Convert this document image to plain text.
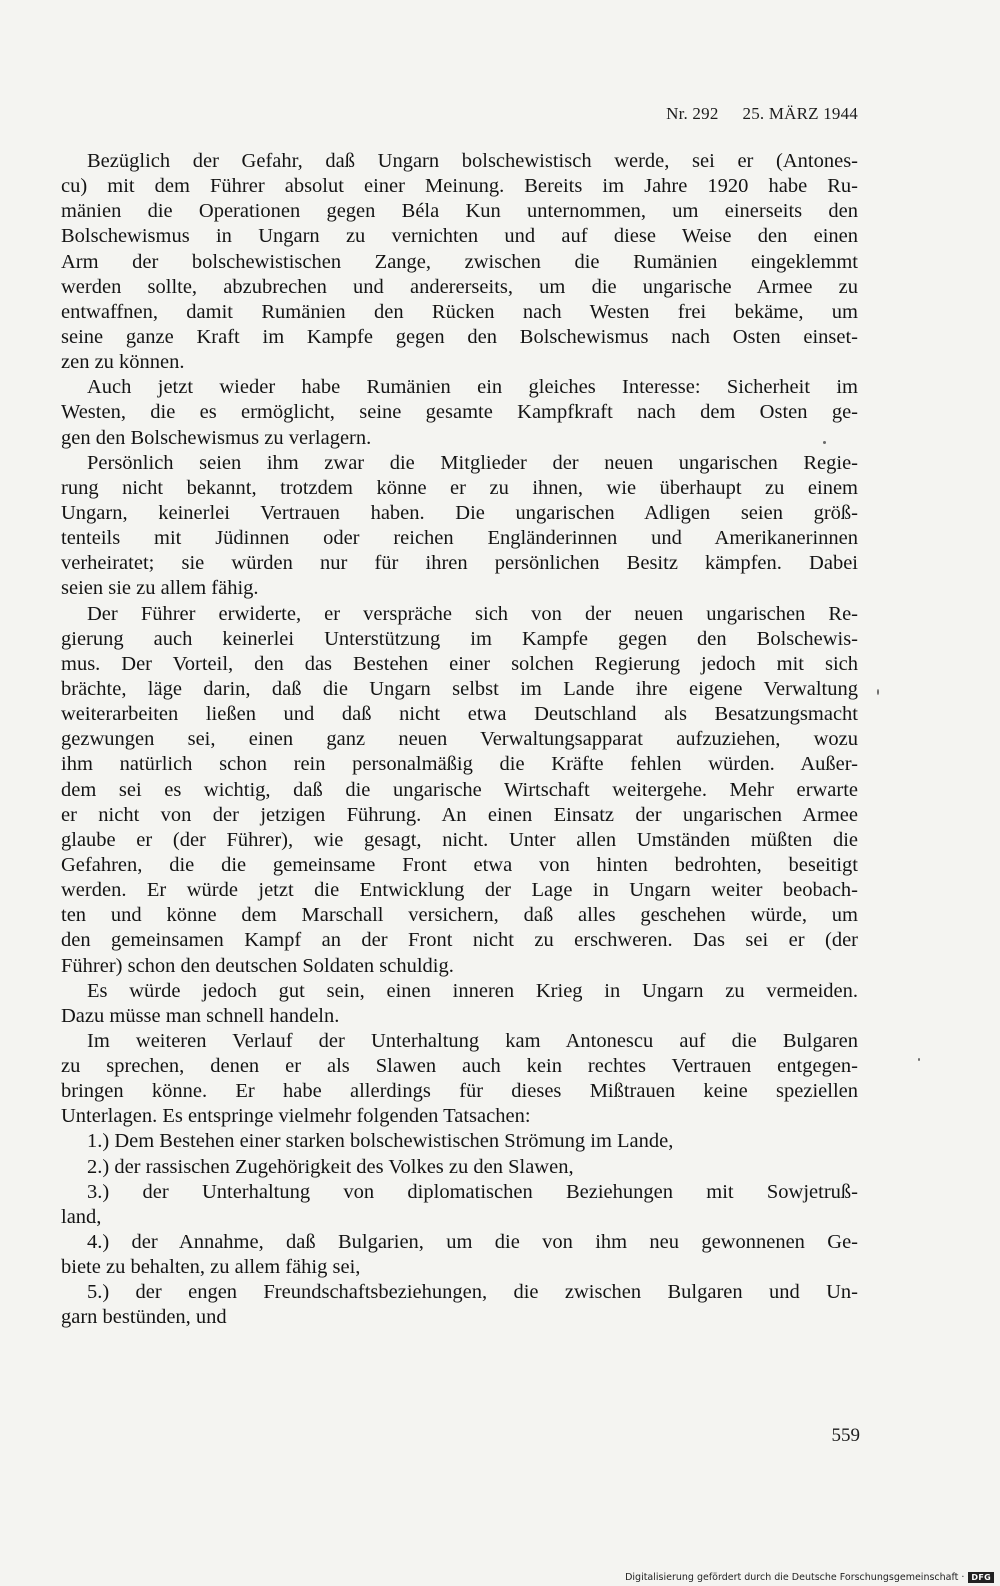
Nr. 292 25. MÄRZ 1944
Bezüglich der Gefahr, daß Ungarn bolschewistisch werde, sei er (Antones-
cu) mit dem Führer absolut einer Meinung. Bereits im Jahre 1920 habe Ru-
mänien die Operationen gegen Béla Kun unternommen, um einerseits den
Bolschewismus in Ungarn zu vernichten und auf diese Weise den einen
Arm der bolschewistischen Zange, zwischen die Rumänien eingeklemmt
werden sollte, abzubrechen und andererseits, um die ungarische Armee zu
entwaffnen, damit Rumänien den Rücken nach Westen frei bekäme, um
seine ganze Kraft im Kampfe gegen den Bolschewismus nach Osten einset-
zen zu können.
Auch jetzt wieder habe Rumänien ein gleiches Interesse: Sicherheit im
Westen, die es ermöglicht, seine gesamte Kampfkraft nach dem Osten ge-
gen den Bolschewismus zu verlagern.
Persönlich seien ihm zwar die Mitglieder der neuen ungarischen Regie-
rung nicht bekannt, trotzdem könne er zu ihnen, wie überhaupt zu einem
Ungarn, keinerlei Vertrauen haben. Die ungarischen Adligen seien größ-
tenteils mit Jüdinnen oder reichen Engländerinnen und Amerikanerinnen
verheiratet; sie würden nur für ihren persönlichen Besitz kämpfen. Dabei
seien sie zu allem fähig.
Der Führer erwiderte, er verspräche sich von der neuen ungarischen Re-
gierung auch keinerlei Unterstützung im Kampfe gegen den Bolschewis-
mus. Der Vorteil, den das Bestehen einer solchen Regierung jedoch mit sich
brächte, läge darin, daß die Ungarn selbst im Lande ihre eigene Verwaltung
weiterarbeiten ließen und daß nicht etwa Deutschland als Besatzungsmacht
gezwungen sei, einen ganz neuen Verwaltungsapparat aufzuziehen, wozu
ihm natürlich schon rein personalmäßig die Kräfte fehlen würden. Außer-
dem sei es wichtig, daß die ungarische Wirtschaft weitergehe. Mehr erwarte
er nicht von der jetzigen Führung. An einen Einsatz der ungarischen Armee
glaube er (der Führer), wie gesagt, nicht. Unter allen Umständen müßten die
Gefahren, die die gemeinsame Front etwa von hinten bedrohten, beseitigt
werden. Er würde jetzt die Entwicklung der Lage in Ungarn weiter beobach-
ten und könne dem Marschall versichern, daß alles geschehen würde, um
den gemeinsamen Kampf an der Front nicht zu erschweren. Das sei er (der
Führer) schon den deutschen Soldaten schuldig.
Es würde jedoch gut sein, einen inneren Krieg in Ungarn zu vermeiden.
Dazu müsse man schnell handeln.
Im weiteren Verlauf der Unterhaltung kam Antonescu auf die Bulgaren
zu sprechen, denen er als Slawen auch kein rechtes Vertrauen entgegen-
bringen könne. Er habe allerdings für dieses Mißtrauen keine speziellen
Unterlagen. Es entspringe vielmehr folgenden Tatsachen:
1.) Dem Bestehen einer starken bolschewistischen Strömung im Lande,
2.) der rassischen Zugehörigkeit des Volkes zu den Slawen,
3.) der Unterhaltung von diplomatischen Beziehungen mit Sowjetruß-
land,
4.) der Annahme, daß Bulgarien, um die von ihm neu gewonnenen Ge-
biete zu behalten, zu allem fähig sei,
5.) der engen Freundschaftsbeziehungen, die zwischen Bulgaren und Un-
garn bestünden, und
559
Digitalisierung gefördert durch die Deutsche Forschungsgemeinschaft · DFG
